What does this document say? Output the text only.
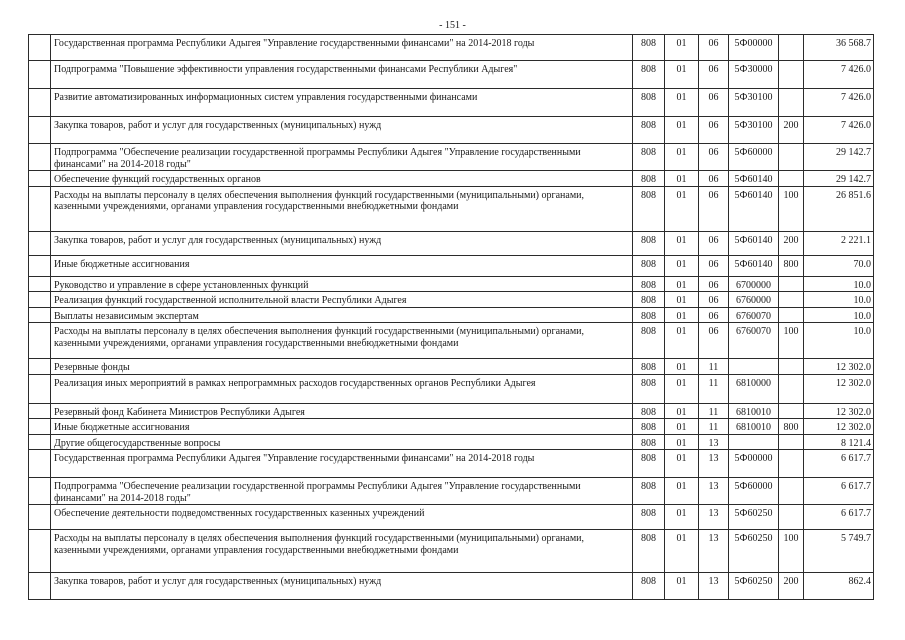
- 151 -
	Государственная программа Республики Адыгея "Управление государственными финансами" на 2014-2018 годы	808	01	06	5Ф00000		36 568.7
	Подпрограмма "Повышение эффективности управления государственными финансами Республики Адыгея"	808	01	06	5Ф30000		7 426.0
	Развитие автоматизированных информационных систем управления государственными финансами	808	01	06	5Ф30100		7 426.0
	Закупка товаров, работ и услуг для государственных (муниципальных) нужд	808	01	06	5Ф30100	200	7 426.0
	Подпрограмма "Обеспечение реализации государственной программы Республики Адыгея "Управление государственными финансами" на 2014-2018 годы"	808	01	06	5Ф60000		29 142.7
	Обеспечение функций государственных органов	808	01	06	5Ф60140		29 142.7
	Расходы на выплаты персоналу в целях обеспечения выполнения функций государственными (муниципальными) органами, казенными учреждениями, органами управления государственными внебюджетными фондами	808	01	06	5Ф60140	100	26 851.6
	Закупка товаров, работ и услуг для государственных (муниципальных) нужд	808	01	06	5Ф60140	200	2 221.1
	Иные бюджетные ассигнования	808	01	06	5Ф60140	800	70.0
	Руководство и управление в сфере установленных функций	808	01	06	6700000		10.0
	Реализация функций государственной исполнительной власти Республики Адыгея	808	01	06	6760000		10.0
	Выплаты независимым экспертам	808	01	06	6760070		10.0
	Расходы на выплаты персоналу в целях обеспечения выполнения функций государственными (муниципальными) органами, казенными учреждениями, органами управления государственными внебюджетными фондами	808	01	06	6760070	100	10.0
	Резервные фонды	808	01	11			12 302.0
	Реализация иных мероприятий в рамках непрограммных расходов государственных органов Республики Адыгея	808	01	11	6810000		12 302.0
	Резервный фонд Кабинета Министров Республики Адыгея	808	01	11	6810010		12 302.0
	Иные бюджетные ассигнования	808	01	11	6810010	800	12 302.0
	Другие общегосударственные вопросы	808	01	13			8 121.4
	Государственная программа Республики Адыгея "Управление государственными финансами" на 2014-2018 годы	808	01	13	5Ф00000		6 617.7
	Подпрограмма "Обеспечение реализации государственной программы Республики Адыгея "Управление государственными финансами" на 2014-2018 годы"	808	01	13	5Ф60000		6 617.7
	Обеспечение деятельности подведомственных государственных казенных учреждений	808	01	13	5Ф60250		6 617.7
	Расходы на выплаты персоналу в целях обеспечения выполнения функций государственными (муниципальными) органами, казенными учреждениями, органами управления государственными внебюджетными фондами	808	01	13	5Ф60250	100	5 749.7
	Закупка товаров, работ и услуг для государственных (муниципальных) нужд	808	01	13	5Ф60250	200	862.4
